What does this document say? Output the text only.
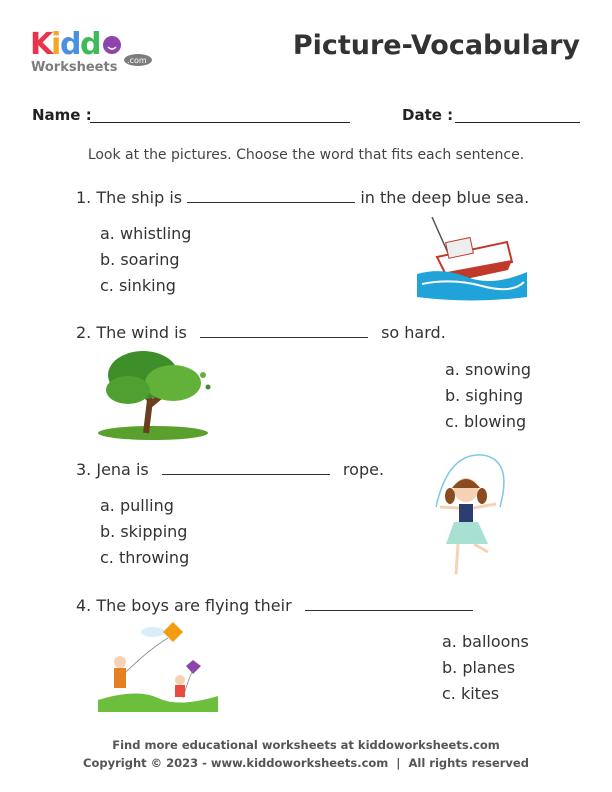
K
i
d
d
Worksheets .com	Picture-Vocabulary
Name :	Date :
Look at the pictures. Choose the word that fits each sentence.
1. The ship is	in the deep blue sea.
a. whistling
b. soaring
c. sinking
2. The wind is	so hard.
a. snowing
b. sighing
c. blowing
3. Jena is	rope.
a. pulling
b. skipping
c. throwing
4. The boys are flying their
a. balloons
b. planes
c. kites
Find more educational worksheets at kiddoworksheets.com
Copyright © 2023 - www.kiddoworksheets.com  |  All rights reserved
